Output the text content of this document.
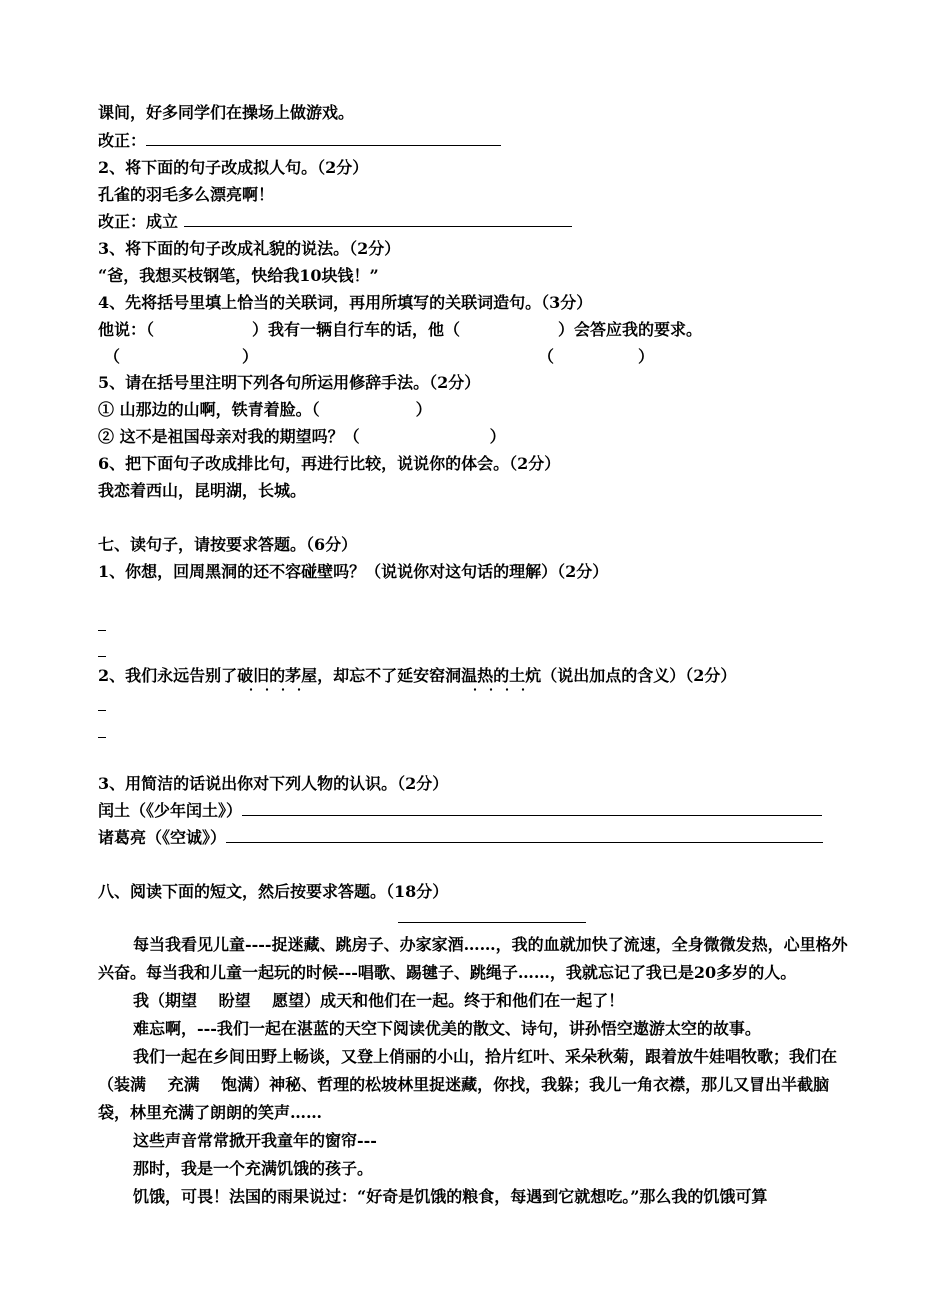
课间，好多同学们在操场上做游戏。
改正：
2、将下面的句子改成拟人句。（2分）
孔雀的羽毛多么漂亮啊！
改正：成立
3、将下面的句子改成礼貌的说法。（2分）
“爸，我想买枝钢笔，快给我10块钱！”
4、先将括号里填上恰当的关联词，再用所填写的关联词造句。（3分）
他说：（	）我有一辆自行车的话，他（	）会答应我的要求。
（	）	（	）
5、请在括号里注明下列各句所运用修辞手法。（2分）
① 山那边的山啊，铁青着脸。（	）
② 这不是祖国母亲对我的期望吗？（	）
6、把下面句子改成排比句，再进行比较，说说你的体会。（2分）
我恋着西山，昆明湖，长城。
七、读句子，请按要求答题。（6分）
1、你想，回周黑洞的还不容碰壁吗？（说说你对这句话的理解）（2分）
2、我们永远告别了破旧的茅屋，却忘不了延安窑洞温热的土炕（说出加点的含义）（2分）
3、用简洁的话说出你对下列人物的认识。（2分）
闰土（《少年闰土》）
诸葛亮（《空诚》）
八、阅读下面的短文，然后按要求答题。（18分）
每当我看见儿童----捉迷藏、跳房子、办家家酒……，我的血就加快了流速，全身微微发热，心里格外兴奋。每当我和儿童一起玩的时候---唱歌、踢毽子、跳绳子……，我就忘记了我已是20多岁的人。
我（期望　 盼望　 愿望）成天和他们在一起。终于和他们在一起了！
难忘啊，---我们一起在湛蓝的天空下阅读优美的散文、诗句，讲孙悟空遨游太空的故事。
我们一起在乡间田野上畅谈，又登上俏丽的小山，拾片红叶、采朵秋菊，跟着放牛娃唱牧歌；我们在（装满　 充满　 饱满）神秘、哲理的松坡林里捉迷藏，你找，我躲；我儿一角衣襟，那儿又冒出半截脑袋，林里充满了朗朗的笑声……
这些声音常常掀开我童年的窗帘---
那时，我是一个充满饥饿的孩子。
饥饿，可畏！法国的雨果说过：“好奇是饥饿的粮食，每遇到它就想吃。”那么我的饥饿可算
